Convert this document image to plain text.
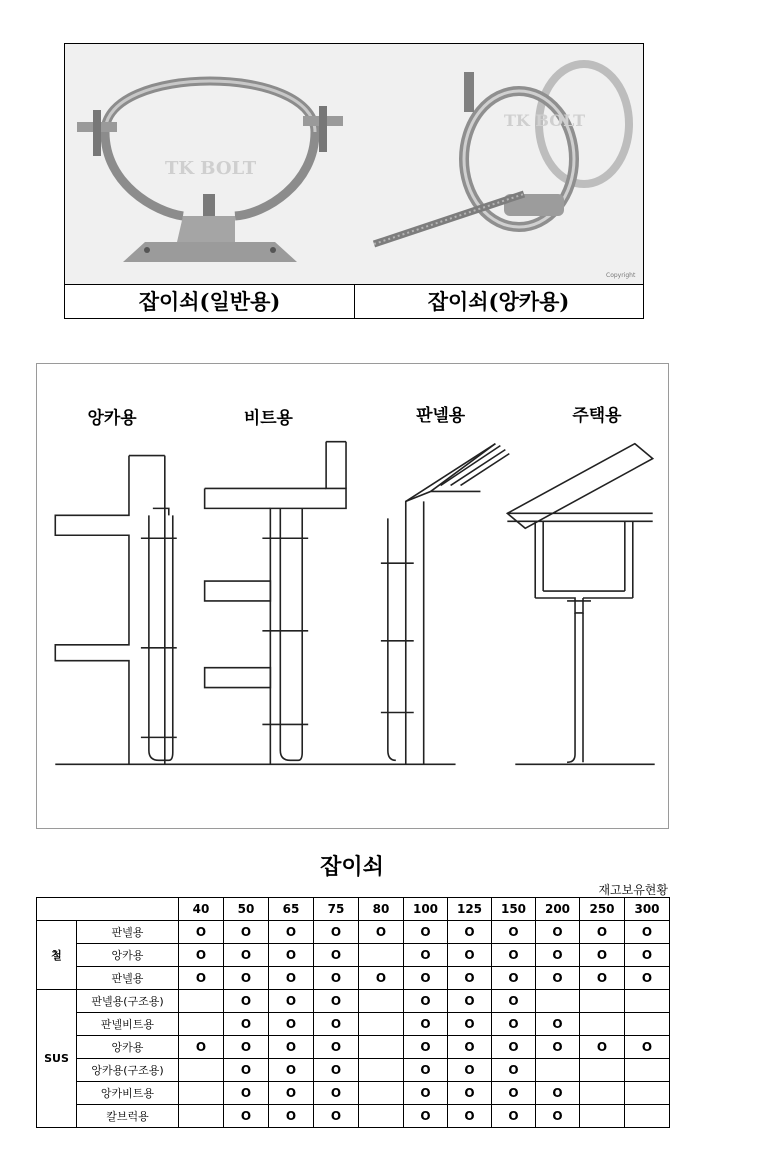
TK BOLT
TK BOLT
Copyright
잡이쇠(일반용)	잡이쇠(앙카용)
앙카용	비트용	판넬용	주택용
잡이쇠
재고보유현황
		40	50	65	75	80	100	125	150	200	250	300
철	판넬용	O	O	O	O	O	O	O	O	O	O	O
	앙카용	O	O	O	O		O	O	O	O	O	O
	판넬용	O	O	O	O	O	O	O	O	O	O	O
SUS	판넬용(구조용)		O	O	O		O	O	O			
	판넬비트용		O	O	O		O	O	O	O		
	앙카용	O	O	O	O		O	O	O	O	O	O
	앙카용(구조용)		O	O	O		O	O	O			
	앙카비트용		O	O	O		O	O	O	O		
	칼브럭용		O	O	O		O	O	O	O		
